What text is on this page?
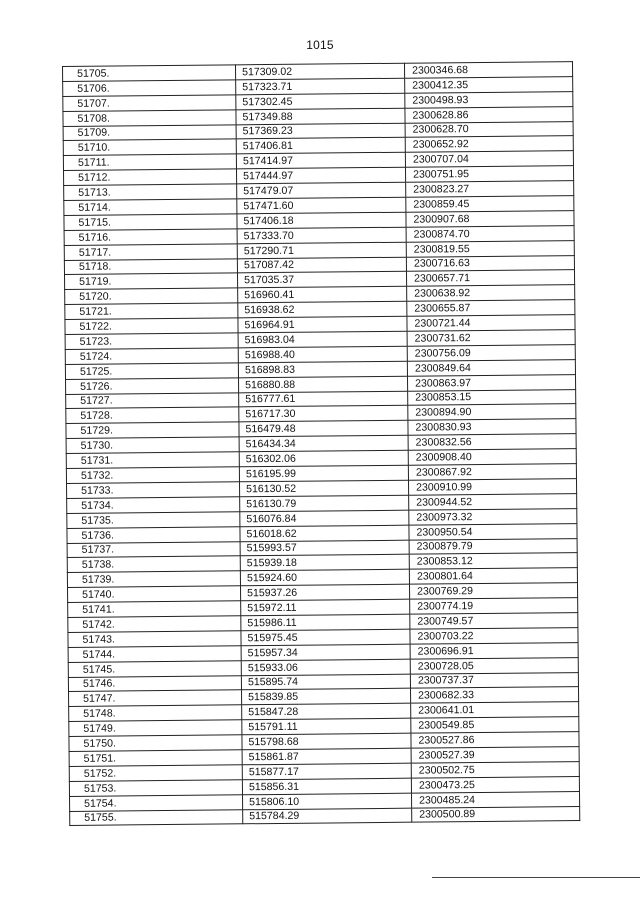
1015
51705.	517309.02	2300346.68
51706.	517323.71	2300412.35
51707.	517302.45	2300498.93
51708.	517349.88	2300628.86
51709.	517369.23	2300628.70
51710.	517406.81	2300652.92
51711.	517414.97	2300707.04
51712.	517444.97	2300751.95
51713.	517479.07	2300823.27
51714.	517471.60	2300859.45
51715.	517406.18	2300907.68
51716.	517333.70	2300874.70
51717.	517290.71	2300819.55
51718.	517087.42	2300716.63
51719.	517035.37	2300657.71
51720.	516960.41	2300638.92
51721.	516938.62	2300655.87
51722.	516964.91	2300721.44
51723.	516983.04	2300731.62
51724.	516988.40	2300756.09
51725.	516898.83	2300849.64
51726.	516880.88	2300863.97
51727.	516777.61	2300853.15
51728.	516717.30	2300894.90
51729.	516479.48	2300830.93
51730.	516434.34	2300832.56
51731.	516302.06	2300908.40
51732.	516195.99	2300867.92
51733.	516130.52	2300910.99
51734.	516130.79	2300944.52
51735.	516076.84	2300973.32
51736.	516018.62	2300950.54
51737.	515993.57	2300879.79
51738.	515939.18	2300853.12
51739.	515924.60	2300801.64
51740.	515937.26	2300769.29
51741.	515972.11	2300774.19
51742.	515986.11	2300749.57
51743.	515975.45	2300703.22
51744.	515957.34	2300696.91
51745.	515933.06	2300728.05
51746.	515895.74	2300737.37
51747.	515839.85	2300682.33
51748.	515847.28	2300641.01
51749.	515791.11	2300549.85
51750.	515798.68	2300527.86
51751.	515861.87	2300527.39
51752.	515877.17	2300502.75
51753.	515856.31	2300473.25
51754.	515806.10	2300485.24
51755.	515784.29	2300500.89
